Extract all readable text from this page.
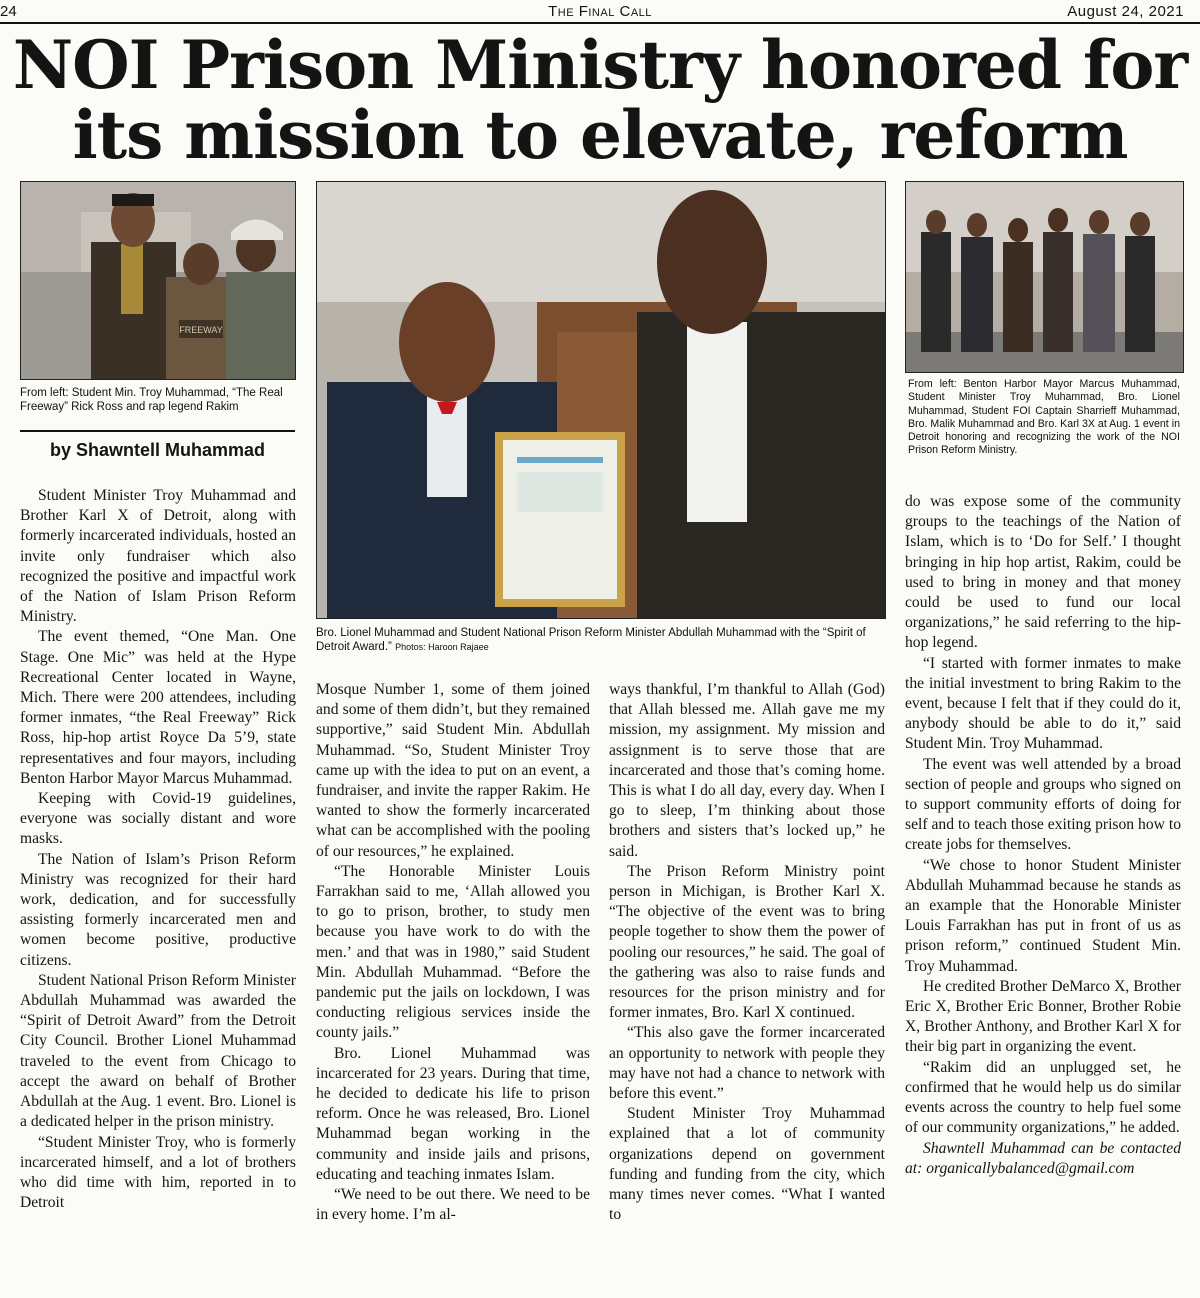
24	The Final Call	August 24, 2021
NOI Prison Ministry honored for
its mission to elevate, reform
FREEWAY
From left: Student Min. Troy Muhammad, “The Real Freeway” Rick Ross and rap legend Rakim
by Shawntell Muhammad
Bro. Lionel Muhammad and Student National Prison Reform Minister Abdullah Muhammad with the “Spirit of Detroit Award.” Photos: Haroon Rajaee
From left: Benton Harbor Mayor Marcus Muhammad, Student Minister Troy Muhammad, Bro. Lionel Muhammad, Student FOI Captain Sharrieff Muhammad, Bro. Malik Muhammad and Bro. Karl 3X at Aug. 1 event in Detroit honoring and recognizing the work of the NOI Prison Reform Ministry.

Student Minister Troy Muhammad and Brother Karl X of Detroit, along with formerly incarcerated individuals, hosted an invite only fundraiser which also recognized the positive and impactful work of the Nation of Islam Prison Reform Ministry.

The event themed, “One Man. One Stage. One Mic” was held at the Hype Recreational Center located in Wayne, Mich. There were 200 attendees, including former inmates, “the Real Freeway” Rick Ross, hip-hop artist Royce Da 5’9, state representatives and four mayors, including Benton Harbor Mayor Marcus Muhammad.

Keeping with Covid-19 guidelines, everyone was socially distant and wore masks.

The Nation of Islam’s Prison Reform Ministry was recognized for their hard work, dedication, and for successfully assisting formerly incarcerated men and women become positive, productive citizens.

Student National Prison Reform Minister Abdullah Muhammad was awarded the “Spirit of Detroit Award” from the Detroit City Council. Brother Lionel Muhammad traveled to the event from Chicago to accept the award on behalf of Brother Abdullah at the Aug. 1 event. Bro. Lionel is a dedicated helper in the prison ministry.

“Student Minister Troy, who is formerly incarcerated himself, and a lot of brothers who did time with him, reported in to Detroit

Mosque Number 1, some of them joined and some of them didn’t, but they remained supportive,” said Student Min. Abdullah Muhammad. “So, Student Minister Troy came up with the idea to put on an event, a fundraiser, and invite the rapper Rakim. He wanted to show the formerly incarcerated what can be accomplished with the pooling of our resources,” he explained.

“The Honorable Minister Louis Farrakhan said to me, ‘Allah allowed you to go to prison, brother, to study men because you have work to do with the men.’ and that was in 1980,” said Student Min. Abdullah Muhammad. “Before the pandemic put the jails on lockdown, I was conducting religious services inside the county jails.”

Bro. Lionel Muhammad was incarcerated for 23 years. During that time, he decided to dedicate his life to prison reform. Once he was released, Bro. Lionel Muhammad began working in the community and inside jails and prisons, educating and teaching inmates Islam.

“We need to be out there. We need to be in every home. I’m al-

ways thankful, I’m thankful to Allah (God) that Allah blessed me. Allah gave me my mission, my assignment. My mission and assignment is to serve those that are incarcerated and those that’s coming home. This is what I do all day, every day. When I go to sleep, I’m thinking about those brothers and sisters that’s locked up,” he said.

The Prison Reform Ministry point person in Michigan, is Brother Karl X. “The objective of the event was to bring people together to show them the power of pooling our resources,” he said. The goal of the gathering was also to raise funds and resources for the prison ministry and for former inmates, Bro. Karl X continued.

“This also gave the former incarcerated an opportunity to network with people they may have not had a chance to network with before this event.”

Student Minister Troy Muhammad explained that a lot of community organizations depend on government funding and funding from the city, which many times never comes. “What I wanted to

do was expose some of the community groups to the teachings of the Nation of Islam, which is to ‘Do for Self.’ I thought bringing in hip hop artist, Rakim, could be used to bring in money and that money could be used to fund our local organizations,” he said referring to the hip-hop legend.

“I started with former inmates to make the initial investment to bring Rakim to the event, because I felt that if they could do it, anybody should be able to do it,” said Student Min. Troy Muhammad.

The event was well attended by a broad section of people and groups who signed on to support community efforts of doing for self and to teach those exiting prison how to create jobs for themselves.

“We chose to honor Student Minister Abdullah Muhammad because he stands as an example that the Honorable Minister Louis Farrakhan has put in front of us as prison reform,” continued Student Min. Troy Muhammad.

He credited Brother DeMarco X, Brother Eric X, Brother Eric Bonner, Brother Robie X, Brother Anthony, and Brother Karl X for their big part in organizing the event.

“Rakim did an unplugged set, he confirmed that he would help us do similar events across the country to help fuel some of our community organizations,” he added.

Shawntell Muhammad can be contacted at: organicallybalanced@gmail.com
